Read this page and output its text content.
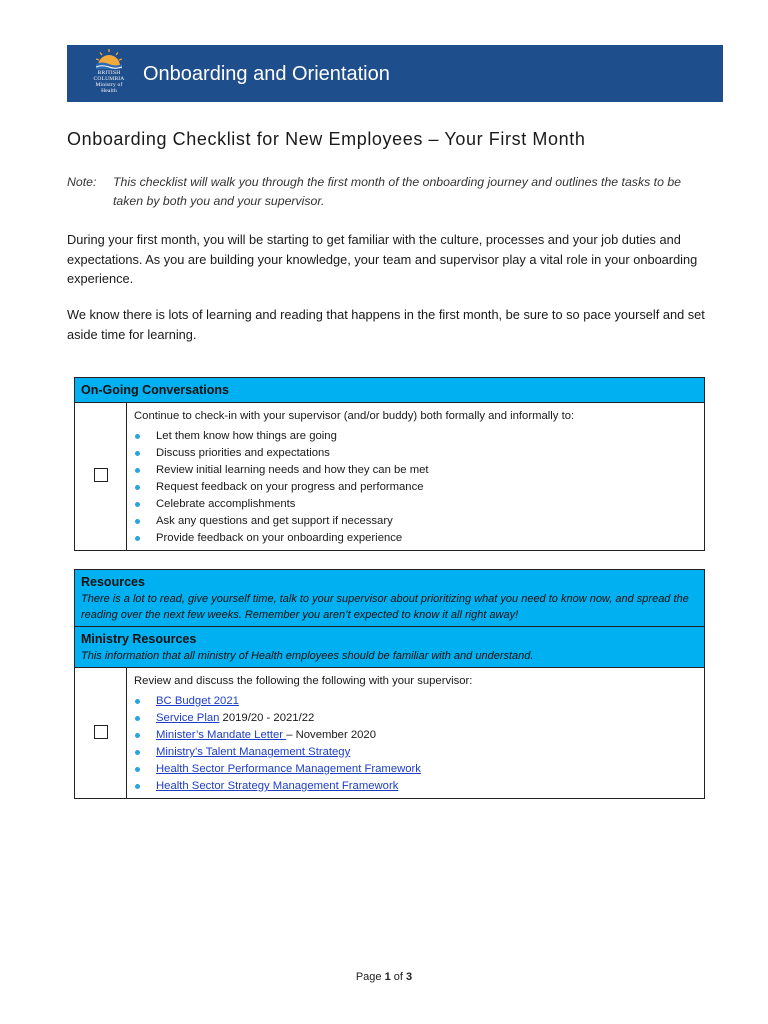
BRITISH
COLUMBIA
Ministry of
Health
Onboarding and Orientation
Onboarding Checklist for New Employees – Your First Month
Note: This checklist will walk you through the first month of the onboarding journey and outlines the tasks to be taken by both you and your supervisor.
During your first month, you will be starting to get familiar with the culture, processes and your job duties and expectations. As you are building your knowledge, your team and supervisor play a vital role in your onboarding experience.
We know there is lots of learning and reading that happens in the first month, be sure to so pace yourself and set aside time for learning.
On-Going Conversations

Continue to check-in with your supervisor (and/or buddy) both formally and informally to:
Let them know how things are going
Discuss priorities and expectations
Review initial learning needs and how they can be met
Request feedback on your progress and performance
Celebrate accomplishments
Ask any questions and get support if necessary
Provide feedback on your onboarding experience
Resources
There is a lot to read, give yourself time, talk to your supervisor about prioritizing what you need to know now, and spread the reading over the next few weeks. Remember you aren’t expected to know it all right away!

Ministry Resources
This information that all ministry of Health employees should be familiar with and understand.

Review and discuss the following the following with your supervisor:
BC Budget 2021
Service Plan 2019/20 - 2021/22
Minister’s Mandate Letter – November 2020
Ministry’s Talent Management Strategy
Health Sector Performance Management Framework
Health Sector Strategy Management Framework
Page 1 of 3
